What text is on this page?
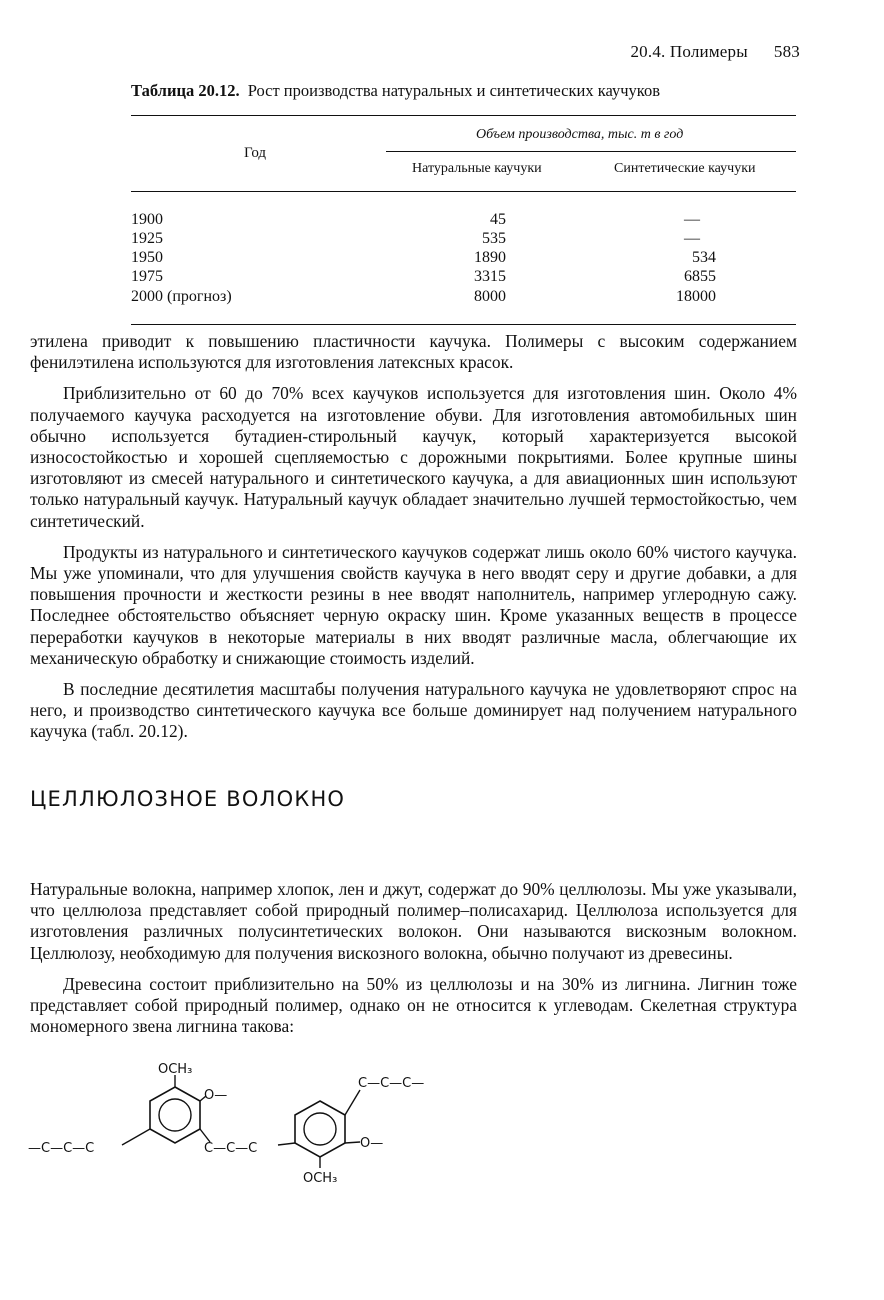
20.4. Полимеры 583
Таблица 20.12. Рост производства натуральных и синтетических каучуков
Год
Объем производства, тыс. т в год
Натуральные каучуки	Синтетические каучуки
1900	45	—
1925	535	—
1950	1890	534
1975	3315	6855
2000 (прогноз)	8000	18000

этилена приводит к повышению пластичности каучука. Полимеры с высоким содержанием фенилэтилена используются для изготовления латексных красок.

Приблизительно от 60 до 70% всех каучуков используется для изготовления шин. Около 4% получаемого каучука расходуется на изготовление обуви. Для изготовления автомобильных шин обычно используется бутадиен-стирольный каучук, который характеризуется высокой износостойкостью и хорошей сцепляемостью с дорожными покрытиями. Более крупные шины изготовляют из смесей натурального и синтетического каучука, а для авиационных шин используют только натуральный каучук. Натуральный каучук обладает значительно лучшей термостойкостью, чем синтетический.

Продукты из натурального и синтетического каучуков содержат лишь около 60% чистого каучука. Мы уже упоминали, что для улучшения свойств каучука в него вводят серу и другие добавки, а для повышения прочности и жесткости резины в нее вводят наполнитель, например углеродную сажу. Последнее обстоятельство объясняет черную окраску шин. Кроме указанных веществ в процессе переработки каучуков в некоторые материалы в них вводят различные масла, облегчающие их механическую обработку и снижающие стоимость изделий.

В последние десятилетия масштабы получения натурального каучука не удовлетворяют спрос на него, и производство синтетического каучука все больше доминирует над получением натурального каучука (табл. 20.12).

ЦЕЛЛЮЛОЗНОЕ ВОЛОКНО

Натуральные волокна, например хлопок, лен и джут, содержат до 90% целлюлозы. Мы уже указывали, что целлюлоза представляет собой природный полимер–полисахарид. Целлюлоза используется для изготовления различных полусинтетических волокон. Они называются вискозным волокном. Целлюлозу, необходимую для получения вискозного волокна, обычно получают из древесины.

Древесина состоит приблизительно на 50% из целлюлозы и на 30% из лигнина. Лигнин тоже представляет собой природный полимер, однако он не относится к углеводам. Скелетная структура мономерного звена лигнина такова:

OCH₃
O—
—C—C—C	C—C—C
C—C—C—
O—
OCH₃
